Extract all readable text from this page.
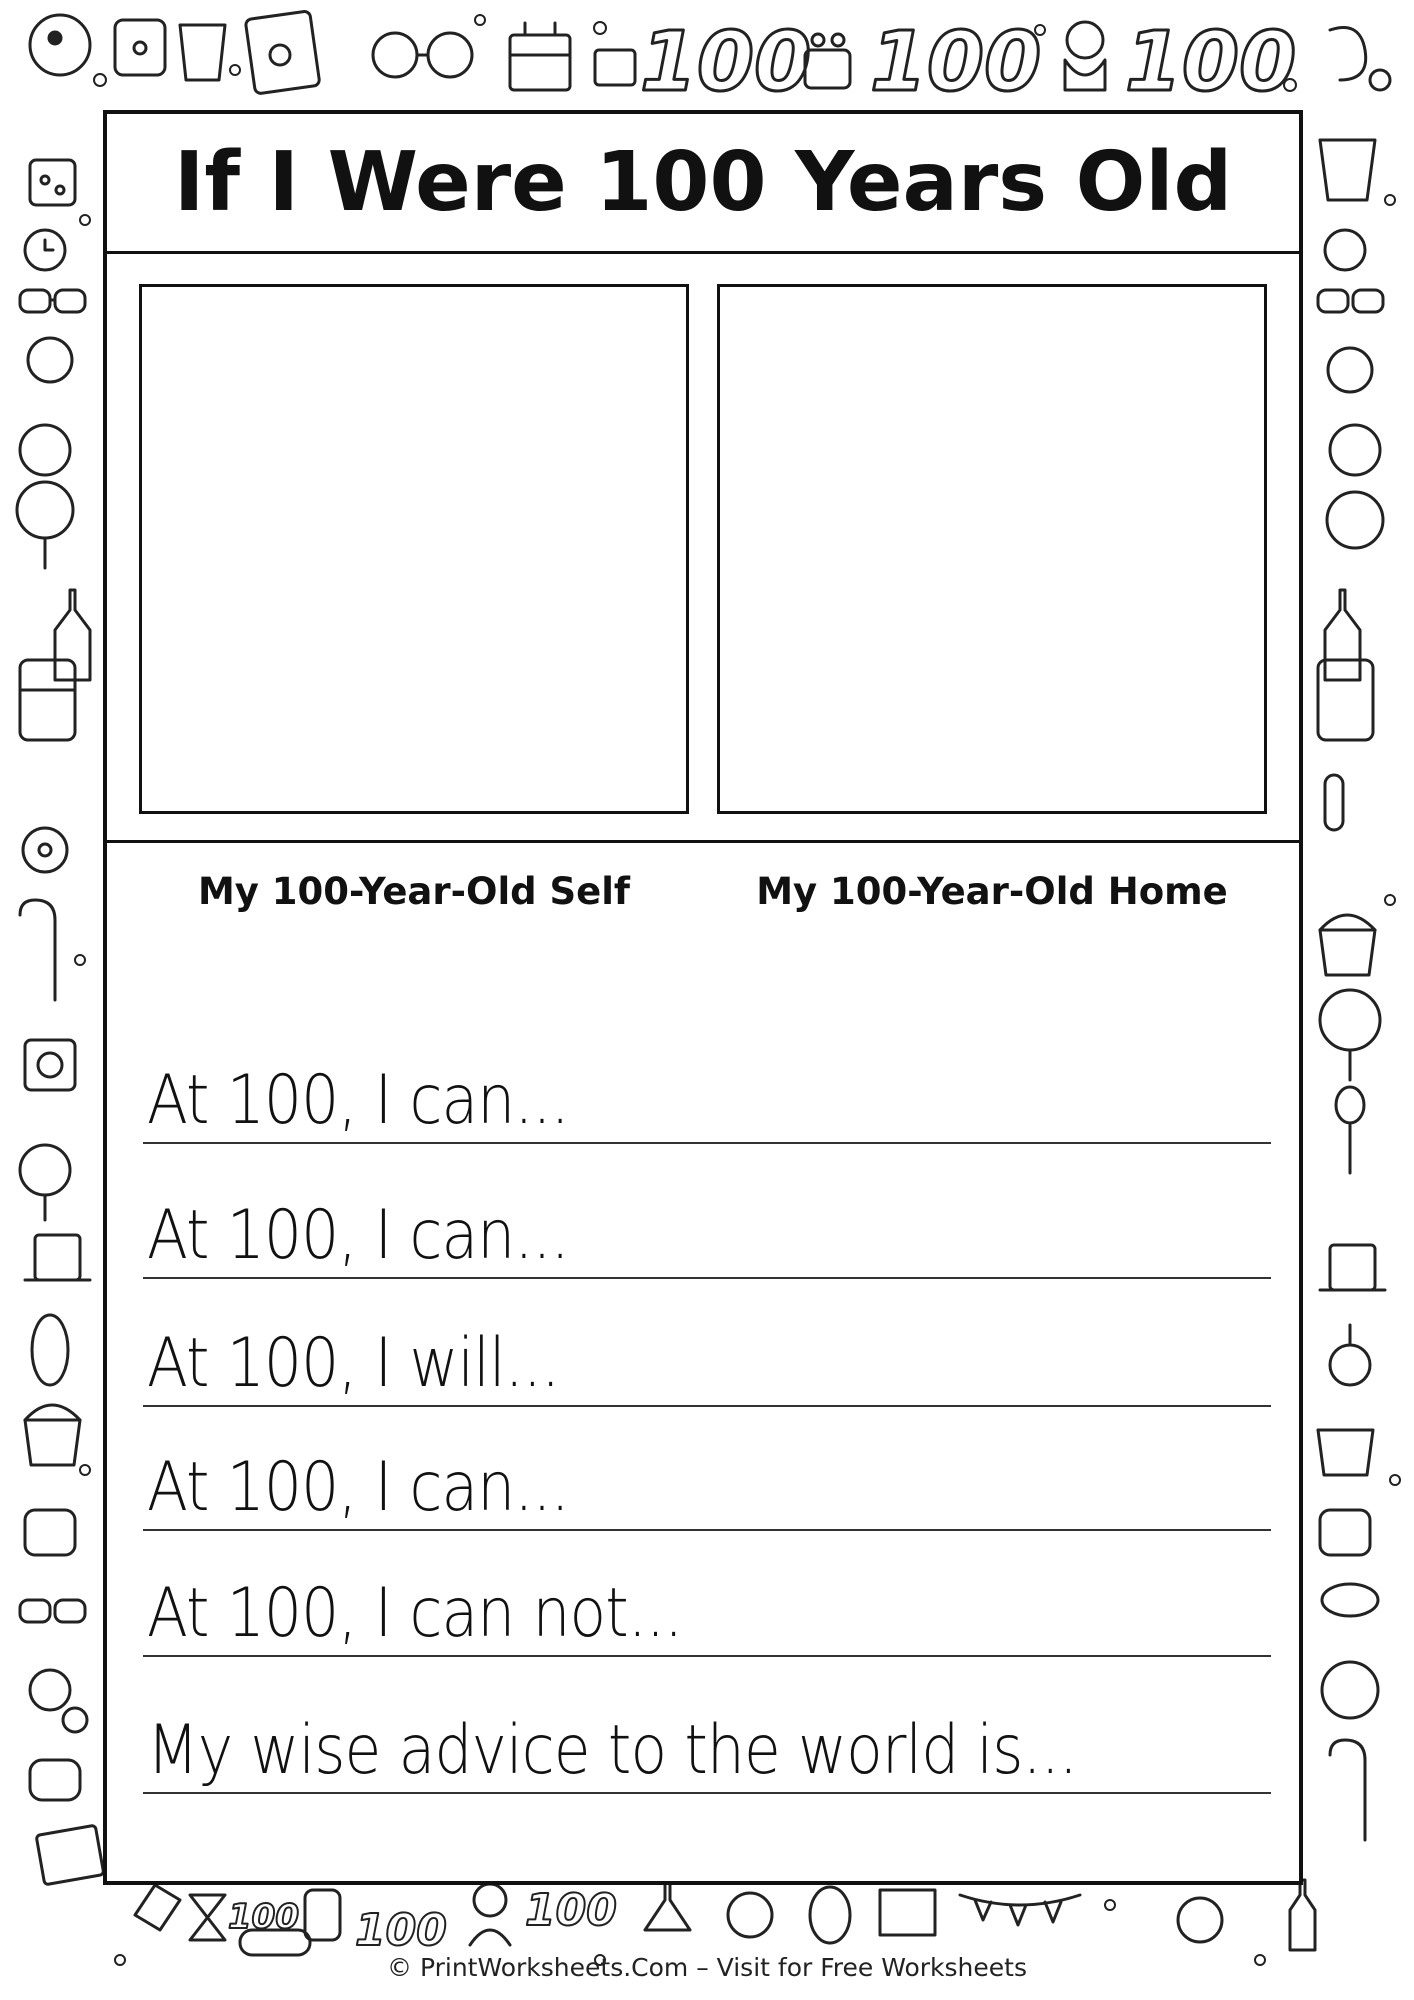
100 100 100
100 100 100
If I Were 100 Years Old
My 100-Year-Old Self	My 100-Year-Old Home
At 100, I can...
At 100, I can...
At 100, I will...
At 100, I can...
At 100, I can not...
My wise advice to the world is...
© PrintWorksheets.Com – Visit for Free Worksheets
